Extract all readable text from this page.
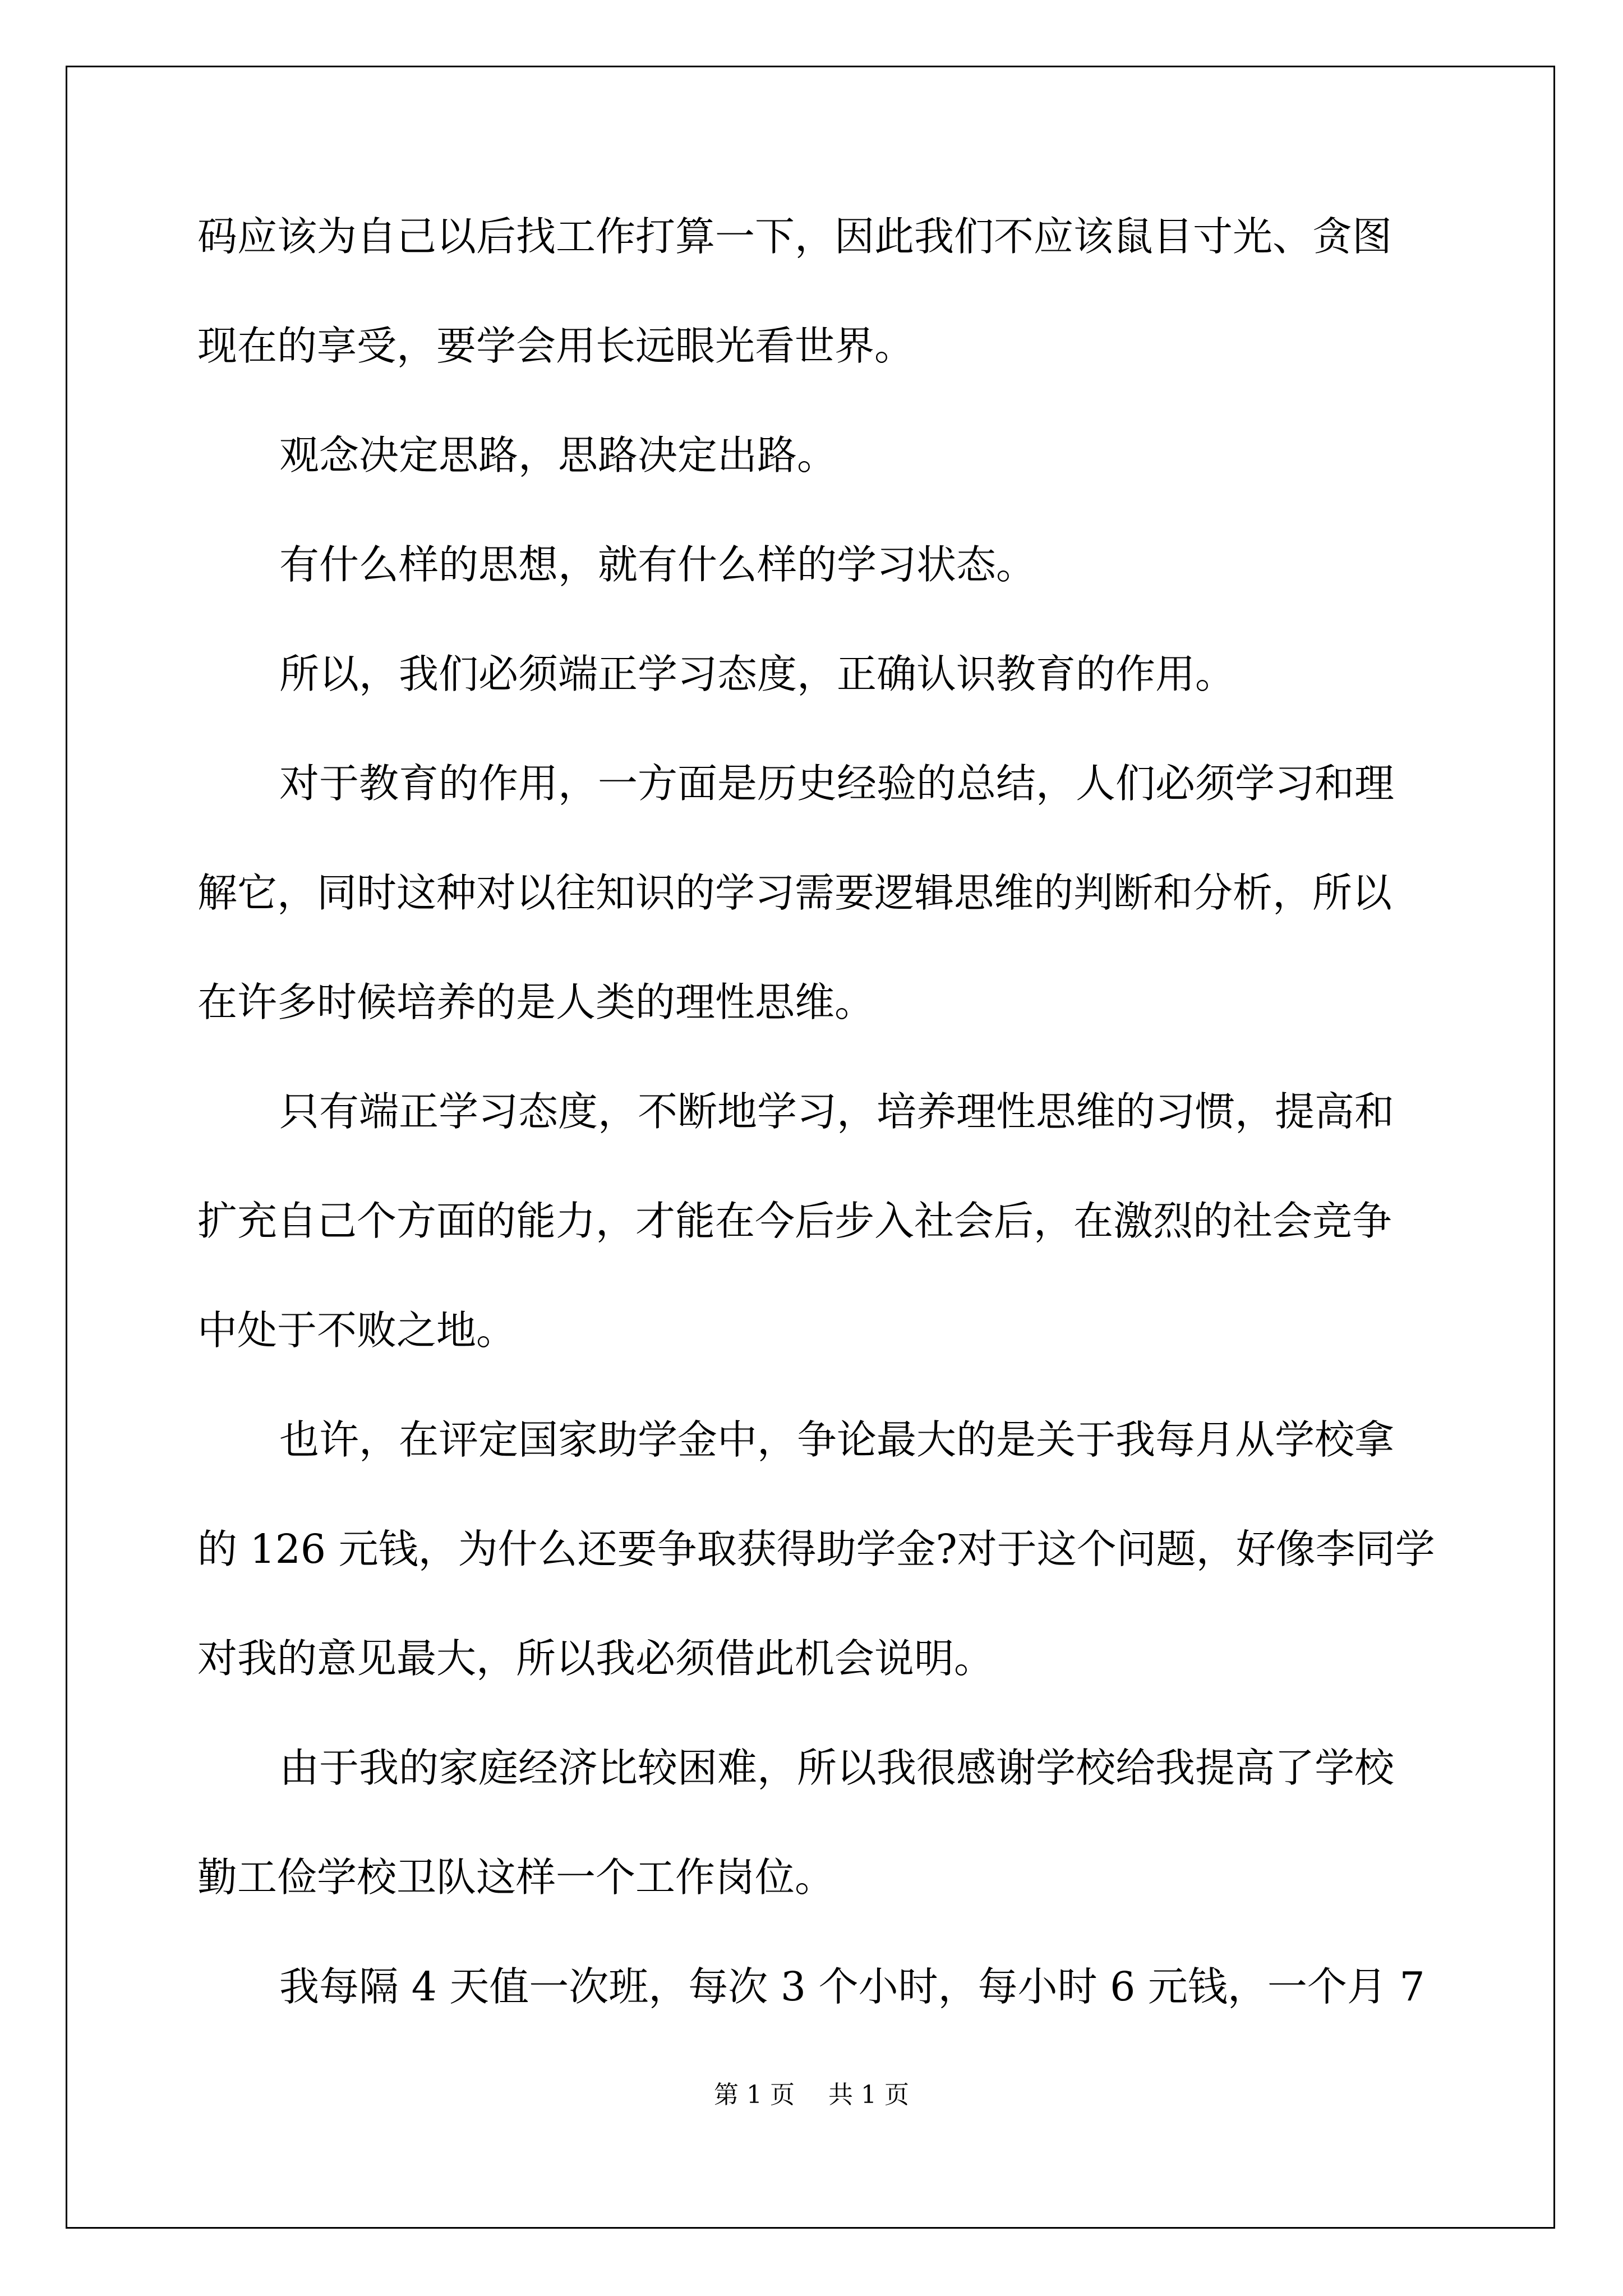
码应该为自己以后找工作打算一下，因此我们不应该鼠目寸光、贪图
现在的享受，要学会用长远眼光看世界。
观念决定思路，思路决定出路。
有什么样的思想，就有什么样的学习状态。
所以，我们必须端正学习态度，正确认识教育的作用。
对于教育的作用，一方面是历史经验的总结，人们必须学习和理
解它，同时这种对以往知识的学习需要逻辑思维的判断和分析，所以
在许多时候培养的是人类的理性思维。
只有端正学习态度，不断地学习，培养理性思维的习惯，提高和
扩充自己个方面的能力，才能在今后步入社会后，在激烈的社会竞争
中处于不败之地。
也许，在评定国家助学金中，争论最大的是关于我每月从学校拿
的 126 元钱，为什么还要争取获得助学金?对于这个问题，好像李同学
对我的意见最大，所以我必须借此机会说明。
由于我的家庭经济比较困难，所以我很感谢学校给我提高了学校
勤工俭学校卫队这样一个工作岗位。
我每隔 4 天值一次班，每次 3 个小时，每小时 6 元钱，一个月 7
第 1 页 共 1 页
